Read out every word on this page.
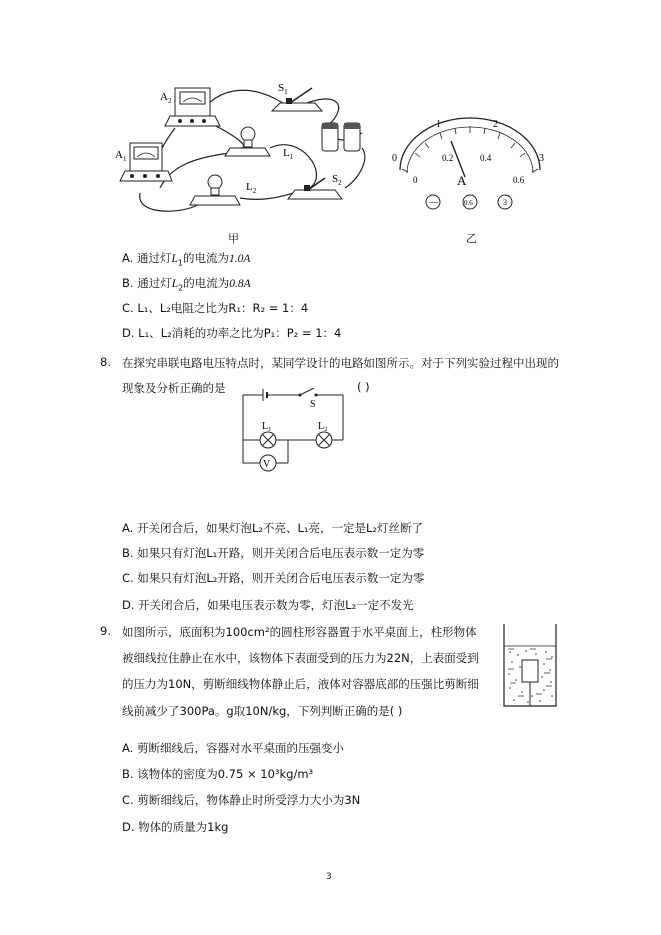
$A_2$
$A_1$
$S_1$
$S_2$
$L_1$
$L_2$
甲
0
1	2
3
0
0.2	0.4
0.6
A
—	0.6	3
乙
A. 通过灯$L_1$的电流为1.0A
B. 通过灯$L_2$的电流为0.8A
C. L₁、L₂电阻之比为R₁：R₂ = 1：4
D. L₁、L₂消耗的功率之比为P₁：P₂ = 1：4
8. 在探究串联电路电压特点时，某同学设计的电路如图所示。对于下列实验过程中出现的
现象及分析正确的是	( )
V
S
L₁	L₂
A. 开关闭合后，如果灯泡L₂不亮、L₁亮，一定是L₂灯丝断了
B. 如果只有灯泡L₁开路，则开关闭合后电压表示数一定为零
C. 如果只有灯泡L₂开路，则开关闭合后电压表示数一定为零
D. 开关闭合后，如果电压表示数为零，灯泡L₂一定不发光
9. 如图所示，底面积为100cm²的圆柱形容器置于水平桌面上，柱形物体
被细线拉住静止在水中，该物体下表面受到的压力为22N，上表面受到
的压力为10N，剪断细线物体静止后，液体对容器底部的压强比剪断细
线前减少了300Pa。g取10N/kg，下列判断正确的是( )
A. 剪断细线后，容器对水平桌面的压强变小
B. 该物体的密度为0.75 × 10³kg/m³
C. 剪断细线后，物体静止时所受浮力大小为3N
D. 物体的质量为1kg
3
